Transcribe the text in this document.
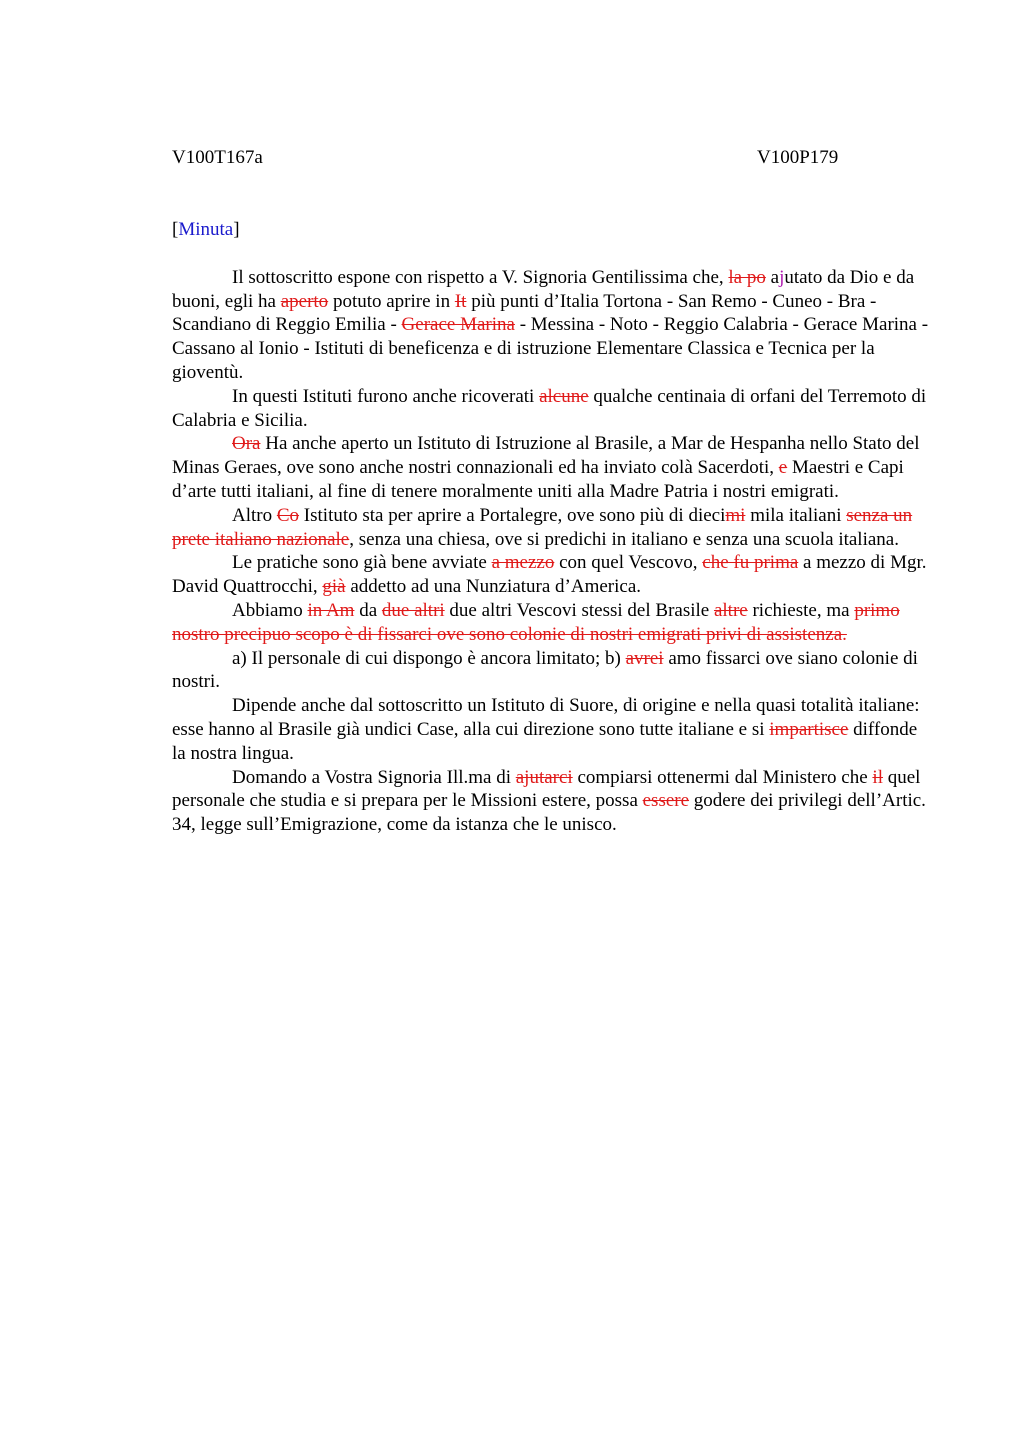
V100T167a	V100P179
[Minuta]

Il sottoscritto espone con rispetto a V. Signoria Gentilissima che, la po ajutato da Dio e da buoni, egli ha aperto potuto aprire in It più punti d’Italia Tortona - San Remo - Cuneo - Bra - Scandiano di Reggio Emilia - Gerace Marina - Messina - Noto - Reggio Calabria - Gerace Marina - Cassano al Ionio - Istituti di beneficenza e di istruzione Elementare Classica e Tecnica per la gioventù.

In questi Istituti furono anche ricoverati alcune qualche centinaia di orfani del Terremoto di Calabria e Sicilia.

Ora Ha anche aperto un Istituto di Istruzione al Brasile, a Mar de Hespanha nello Stato del Minas Geraes, ove sono anche nostri connazionali ed ha inviato colà Sacerdoti, e Maestri e Capi d’arte tutti italiani, al fine di tenere moralmente uniti alla Madre Patria i nostri emigrati.

Altro Co Istituto sta per aprire a Portalegre, ove sono più di diecimi mila italiani senza un prete italiano nazionale, senza una chiesa, ove si predichi in italiano e senza una scuola italiana.

Le pratiche sono già bene avviate a mezzo con quel Vescovo, che fu prima a mezzo di Mgr. David Quattrocchi, già addetto ad una Nunziatura d’America.

Abbiamo in Am da due altri due altri Vescovi stessi del Brasile altre richieste, ma primo nostro precipuo scopo è di fissarci ove sono colonie di nostri emigrati privi di assistenza.

a) Il personale di cui dispongo è ancora limitato; b) avrei amo fissarci ove siano colonie di nostri.

Dipende anche dal sottoscritto un Istituto di Suore, di origine e nella quasi totalità italiane: esse hanno al Brasile già undici Case, alla cui direzione sono tutte italiane e si impartisce diffonde la nostra lingua.

Domando a Vostra Signoria Ill.ma di ajutarci compiarsi ottenermi dal Ministero che il quel personale che studia e si prepara per le Missioni estere, possa essere godere dei privilegi dell’Artic. 34, legge sull’Emigrazione, come da istanza che le unisco.
